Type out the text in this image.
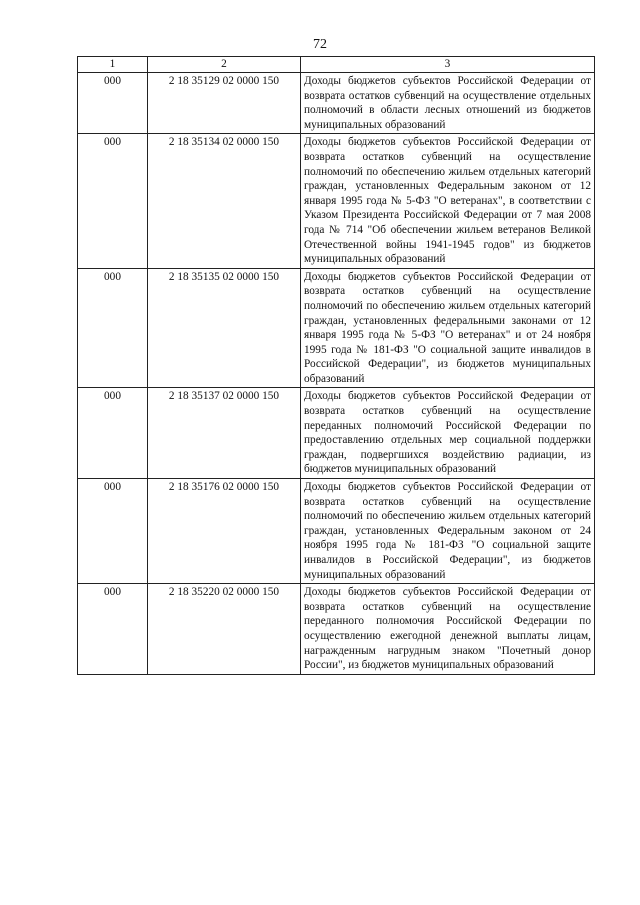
72
1	2	3
000	2 18 35129 02 0000 150	Доходы бюджетов субъектов Российской Федерации от возврата остатков субвенций на осуществление отдельных полномочий в области лесных отношений из бюджетов муниципальных образований
000	2 18 35134 02 0000 150	Доходы бюджетов субъектов Российской Федерации от возврата остатков субвенций на осуществление полномочий по обеспечению жильем отдельных категорий граждан, установленных Федеральным законом от 12 января 1995 года № 5-ФЗ "О ветеранах", в соответствии с Указом Президента Российской Федерации от 7 мая 2008 года № 714 "Об обеспечении жильем ветеранов Великой Отечественной войны 1941-1945 годов" из бюджетов муниципальных образований
000	2 18 35135 02 0000 150	Доходы бюджетов субъектов Российской Федерации от возврата остатков субвенций на осуществление полномочий по обеспечению жильем отдельных категорий граждан, установленных федеральными законами от 12 января 1995 года № 5-ФЗ "О ветеранах" и от 24 ноября 1995 года № 181-ФЗ "О социальной защите инвалидов в Российской Федерации", из бюджетов муниципальных образований
000	2 18 35137 02 0000 150	Доходы бюджетов субъектов Российской Федерации от возврата остатков субвенций на осуществление переданных полномочий Российской Федерации по предоставлению отдельных мер социальной поддержки граждан, подвергшихся воздействию радиации, из бюджетов муниципальных образований
000	2 18 35176 02 0000 150	Доходы бюджетов субъектов Российской Федерации от возврата остатков субвенций на осуществление полномочий по обеспечению жильем отдельных категорий граждан, установленных Федеральным законом от 24 ноября 1995 года № 181-ФЗ "О социальной защите инвалидов в Российской Федерации", из бюджетов муниципальных образований
000	2 18 35220 02 0000 150	Доходы бюджетов субъектов Российской Федерации от возврата остатков субвенций на осуществление переданного полномочия Российской Федерации по осуществлению ежегодной денежной выплаты лицам, награжденным нагрудным знаком "Почетный донор России", из бюджетов муниципальных образований
